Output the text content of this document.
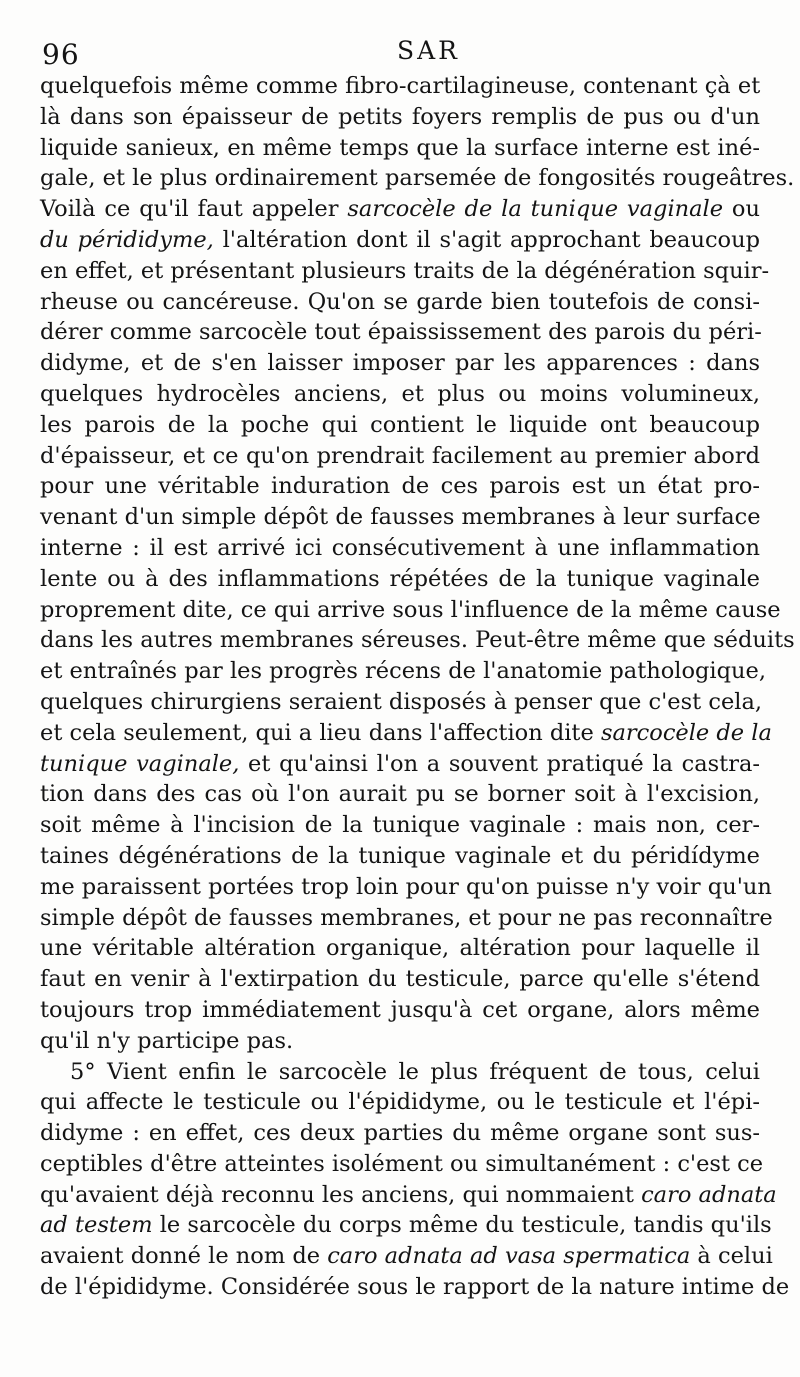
96	SAR
quelquefois même comme fibro-cartilagineuse, contenant çà et
là dans son épaisseur de petits foyers remplis de pus ou d'un
liquide sanieux, en même temps que la surface interne est iné-
gale, et le plus ordinairement parsemée de fongosités rougeâtres.
Voilà ce qu'il faut appeler sarcocèle de la tunique vaginale ou
du pérididyme, l'altération dont il s'agit approchant beaucoup
en effet, et présentant plusieurs traits de la dégénération squir-
rheuse ou cancéreuse. Qu'on se garde bien toutefois de consi-
dérer comme sarcocèle tout épaississement des parois du péri-
didyme, et de s'en laisser imposer par les apparences : dans
quelques hydrocèles anciens, et plus ou moins volumineux,
les parois de la poche qui contient le liquide ont beaucoup
d'épaisseur, et ce qu'on prendrait facilement au premier abord
pour une véritable induration de ces parois est un état pro-
venant d'un simple dépôt de fausses membranes à leur surface
interne : il est arrivé ici consécutivement à une inflammation
lente ou à des inflammations répétées de la tunique vaginale
proprement dite, ce qui arrive sous l'influence de la même cause
dans les autres membranes séreuses. Peut-être même que séduits
et entraînés par les progrès récens de l'anatomie pathologique,
quelques chirurgiens seraient disposés à penser que c'est cela,
et cela seulement, qui a lieu dans l'affection dite sarcocèle de la
tunique vaginale, et qu'ainsi l'on a souvent pratiqué la castra-
tion dans des cas où l'on aurait pu se borner soit à l'excision,
soit même à l'incision de la tunique vaginale : mais non, cer-
taines dégénérations de la tunique vaginale et du péridídyme
me paraissent portées trop loin pour qu'on puisse n'y voir qu'un
simple dépôt de fausses membranes, et pour ne pas reconnaître
une véritable altération organique, altération pour laquelle il
faut en venir à l'extirpation du testicule, parce qu'elle s'étend
toujours trop immédiatement jusqu'à cet organe, alors même
qu'il n'y participe pas.
5° Vient enfin le sarcocèle le plus fréquent de tous, celui
qui affecte le testicule ou l'épididyme, ou le testicule et l'épi-
didyme : en effet, ces deux parties du même organe sont sus-
ceptibles d'être atteintes isolément ou simultanément : c'est ce
qu'avaient déjà reconnu les anciens, qui nommaient caro adnata
ad testem le sarcocèle du corps même du testicule, tandis qu'ils
avaient donné le nom de caro adnata ad vasa spermatica à celui
de l'épididyme. Considérée sous le rapport de la nature intime de
